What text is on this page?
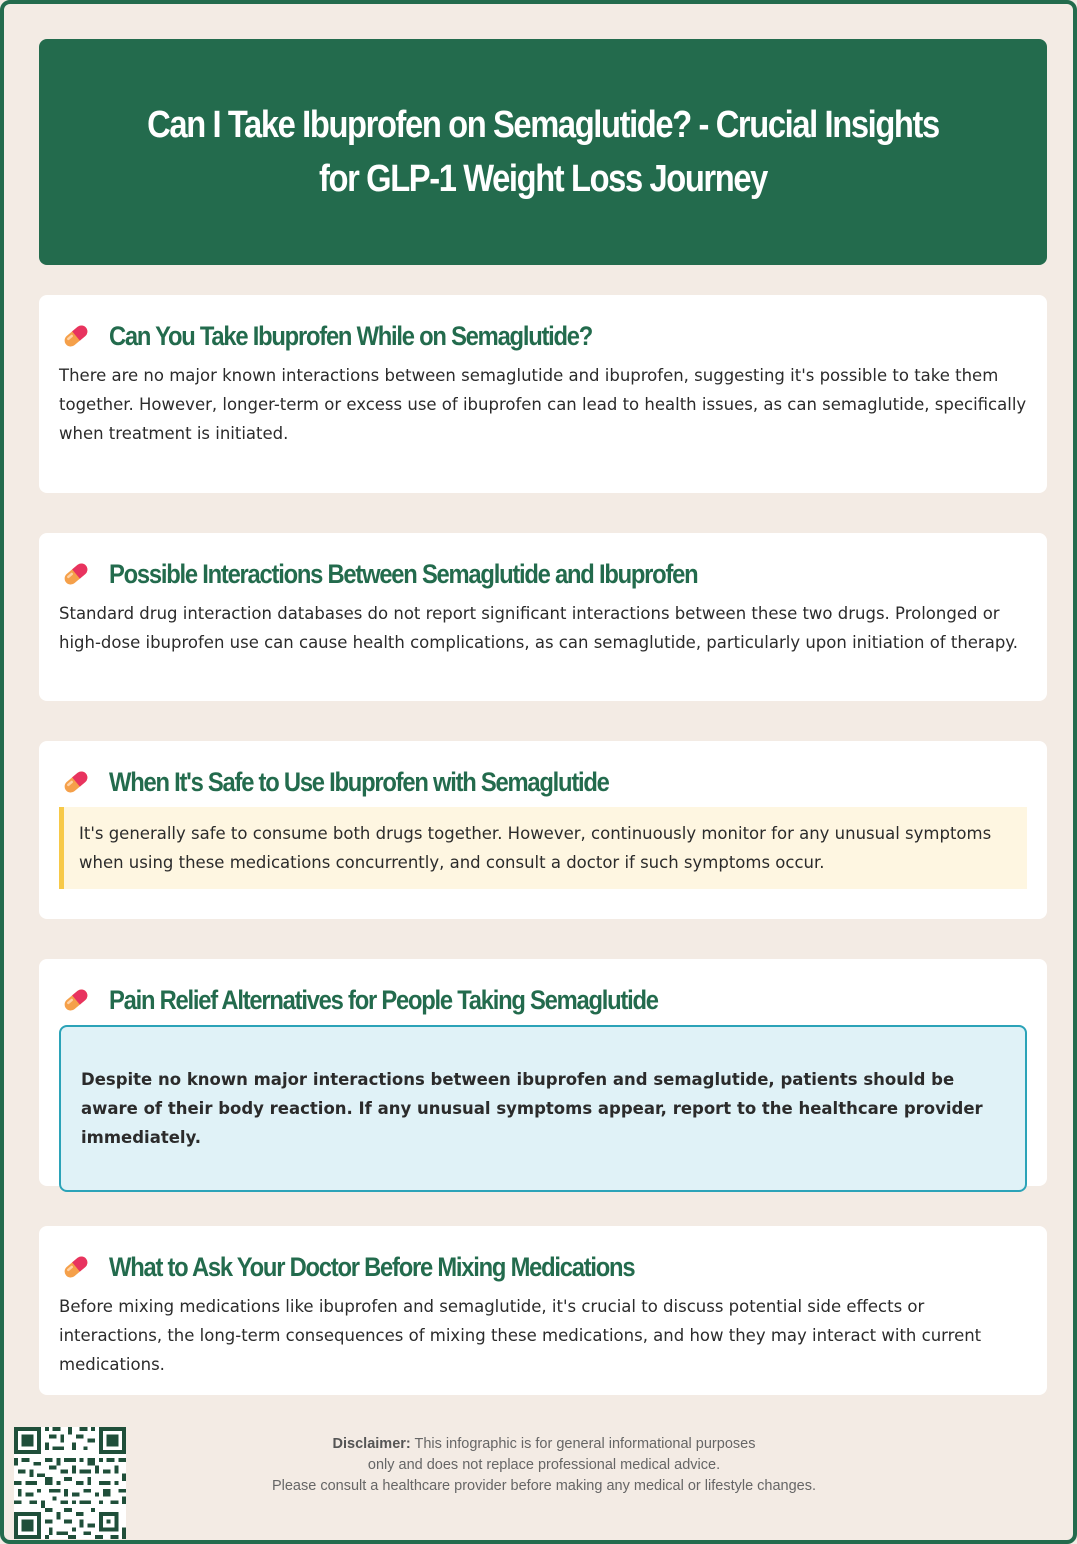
Can I Take Ibuprofen on Semaglutide? - Crucial Insights for GLP-1 Weight Loss Journey
Can You Take Ibuprofen While on Semaglutide?

There are no major known interactions between semaglutide and ibuprofen, suggesting it's possible to take them together. However, longer-term or excess use of ibuprofen can lead to health issues, as can semaglutide, specifically when treatment is initiated.

Possible Interactions Between Semaglutide and Ibuprofen

Standard drug interaction databases do not report significant interactions between these two drugs. Prolonged or high-dose ibuprofen use can cause health complications, as can semaglutide, particularly upon initiation of therapy.

When It's Safe to Use Ibuprofen with Semaglutide

It's generally safe to consume both drugs together. However, continuously monitor for any unusual symptoms when using these medications concurrently, and consult a doctor if such symptoms occur.

Pain Relief Alternatives for People Taking Semaglutide

Despite no known major interactions between ibuprofen and semaglutide, patients should be aware of their body reaction. If any unusual symptoms appear, report to the healthcare provider immediately.

What to Ask Your Doctor Before Mixing Medications

Before mixing medications like ibuprofen and semaglutide, it's crucial to discuss potential side effects or interactions, the long-term consequences of mixing these medications, and how they may interact with current medications.

Disclaimer: This infographic is for general informational purposes
only and does not replace professional medical advice.
Please consult a healthcare provider before making any medical or lifestyle changes.
